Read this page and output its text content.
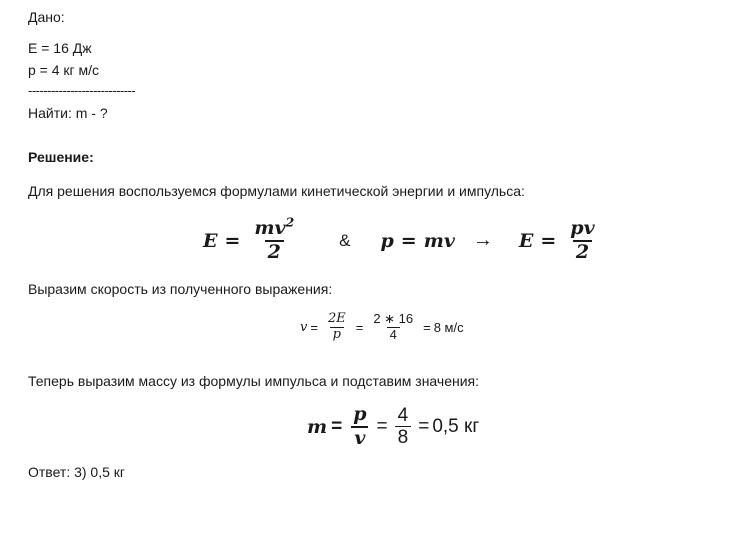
Дано:
E = 16 Дж
p = 4 кг м/с
----------------------------
Найти: m - ?
Решение:
Для решения воспользуемся формулами кинетической энергии и импульса:
$E = \frac{mv^2}{2}$ & p = mv → $E = \frac{pv}{2}$
Выразим скорость из полученного выражения:
$v = \frac{2E}{p} = \frac{2 ∗ 16}{4} = 8$ м/с
Теперь выразим массу из формулы импульса и подставим значения:
$m = \frac{p}{v} = \frac{4}{8} = 0,5$ кг
Ответ: 3) 0,5 кг
